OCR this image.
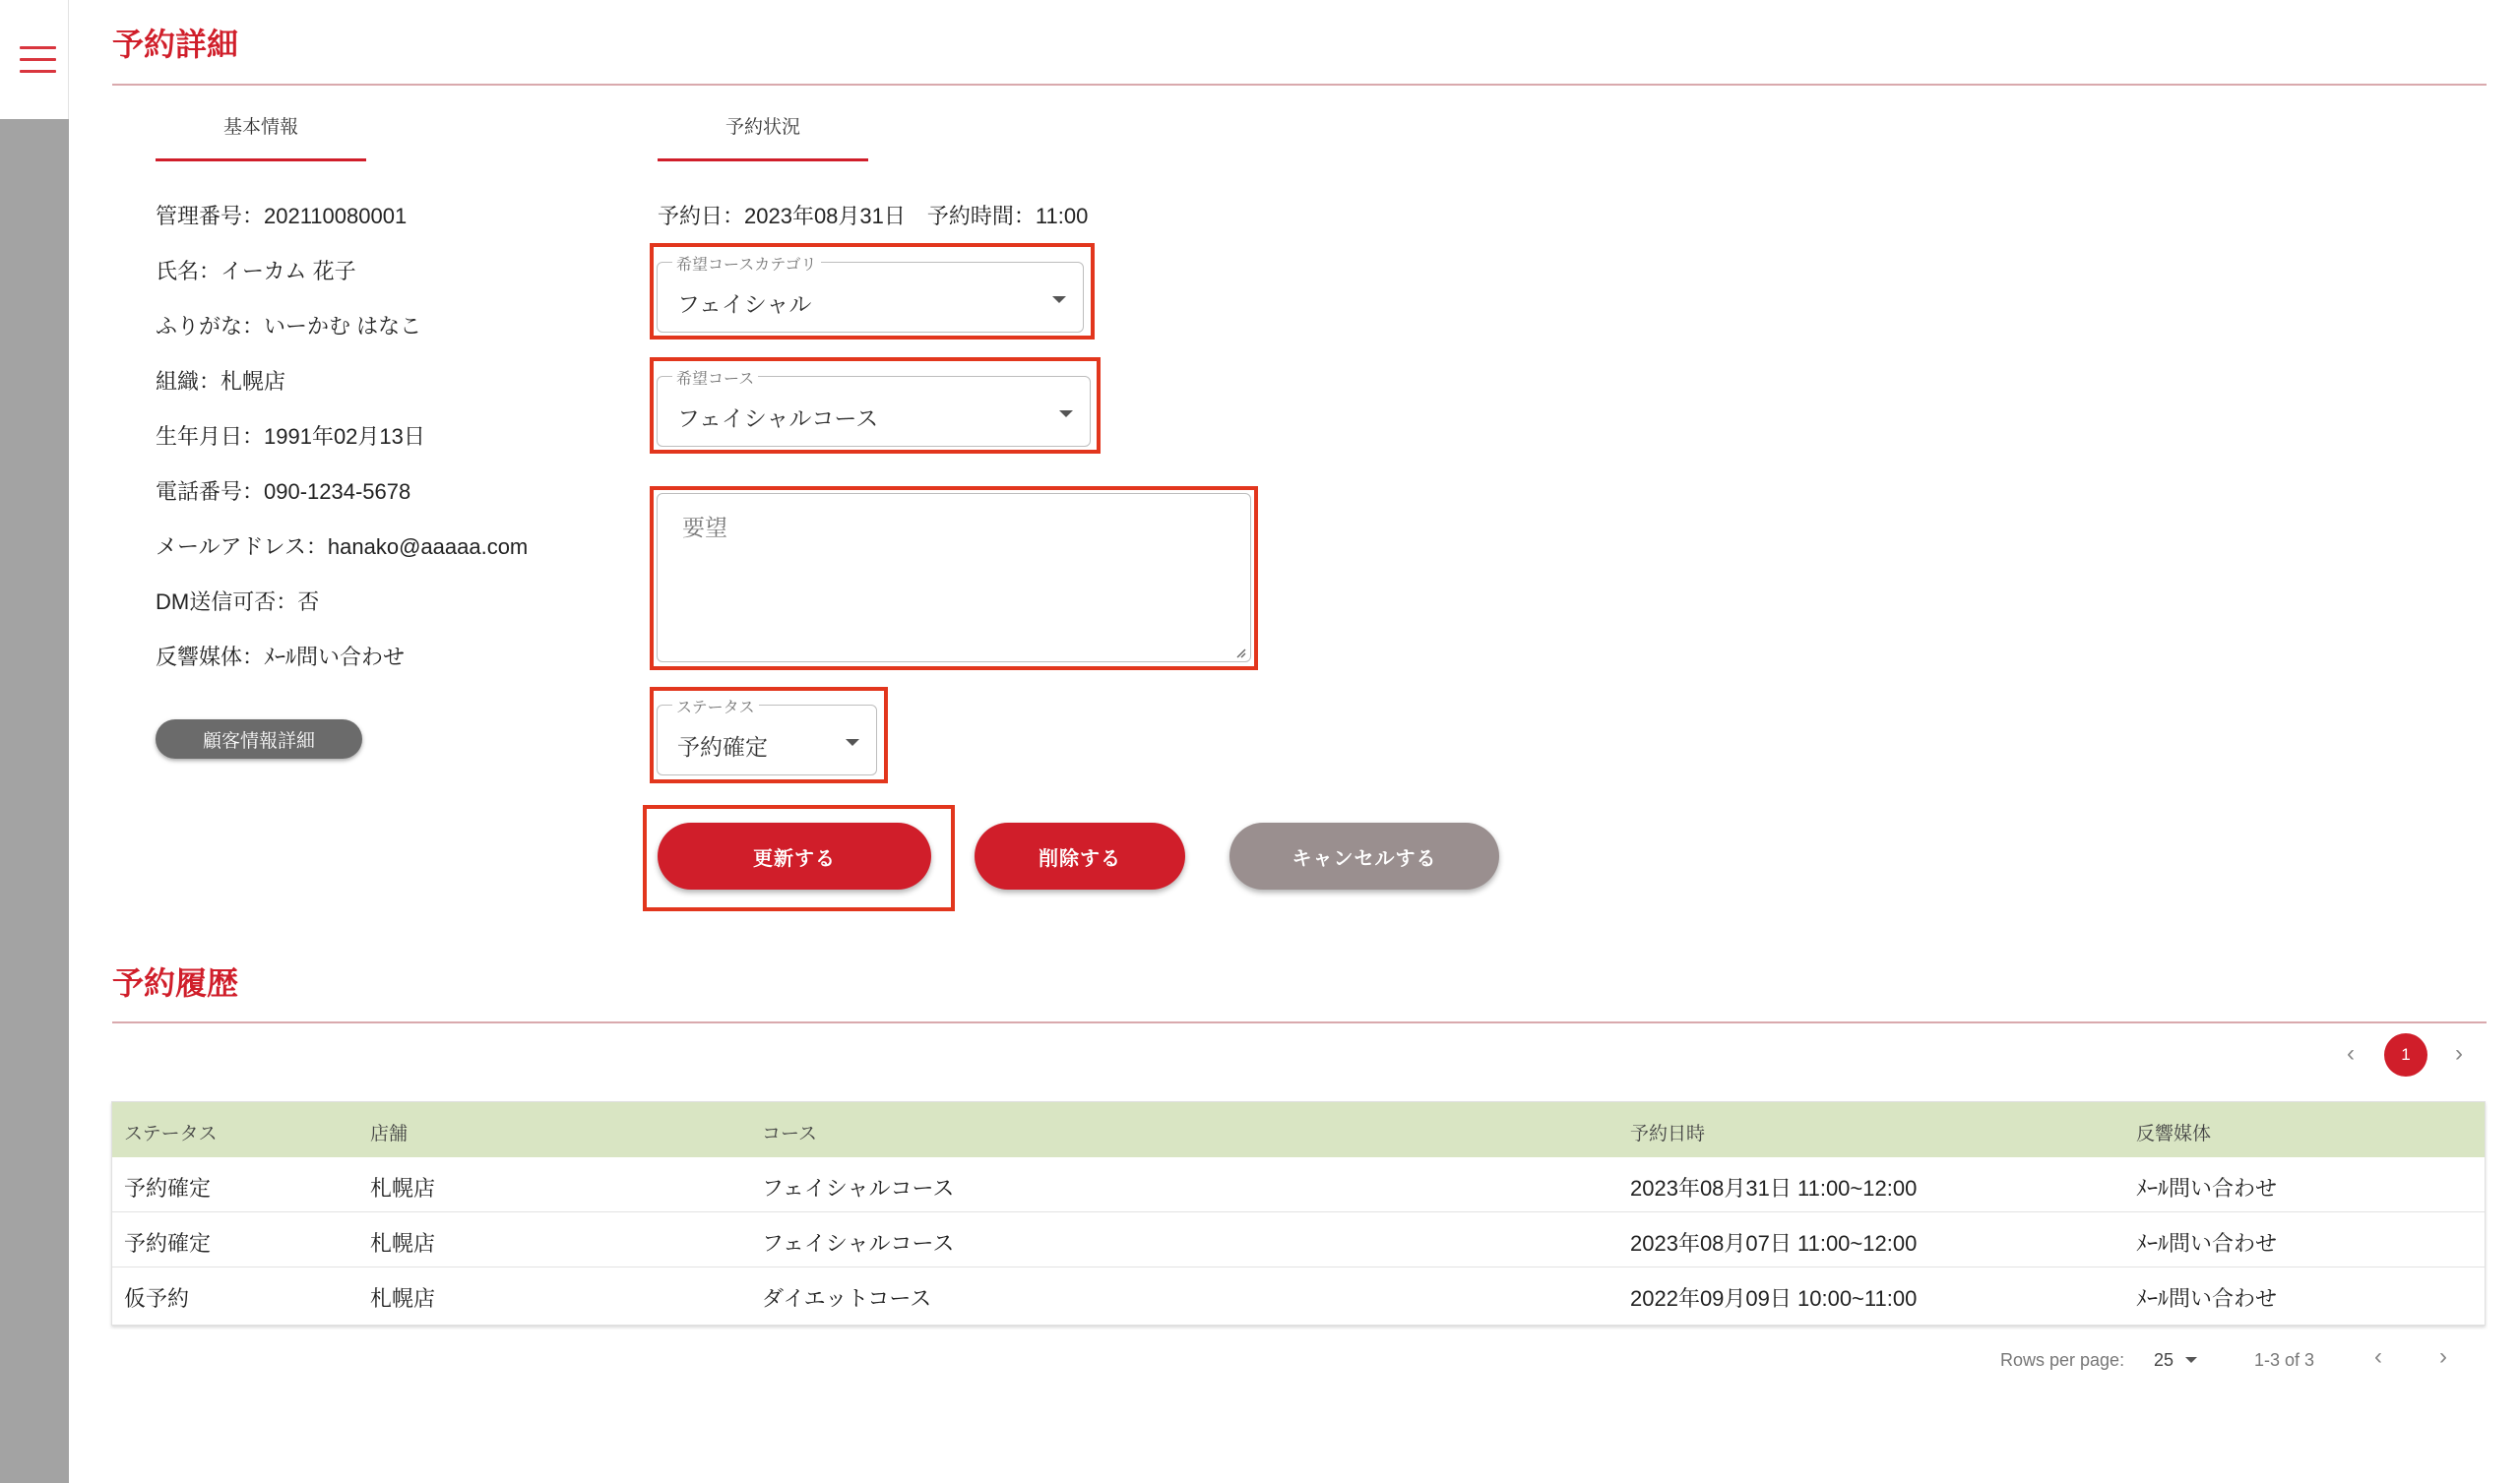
予約詳細
基本情報	予約状況
管理番号：202110080001
氏名：イーカム 花子
ふりがな：いーかむ はなこ
組織：札幌店
生年月日：1991年02月13日
電話番号：090-1234-5678
メールアドレス：hanako@aaaaa.com
DM送信可否：否
反響媒体：ﾒｰﾙ問い合わせ
顧客情報詳細
予約日：2023年08月31日　予約時間：11:00
希望コースカテゴリ
フェイシャル
希望コース
フェイシャルコース
要望
ステータス
予約確定
更新する	削除する	キャンセルする
予約履歴
‹	1	›
ステータス	店舗	コース	予約日時	反響媒体
予約確定	札幌店	フェイシャルコース	2023年08月31日 11:00~12:00	ﾒｰﾙ問い合わせ
予約確定	札幌店	フェイシャルコース	2023年08月07日 11:00~12:00	ﾒｰﾙ問い合わせ
仮予約	札幌店	ダイエットコース	2022年09月09日 10:00~11:00	ﾒｰﾙ問い合わせ
Rows per page: 25	1-3 of 3	‹ ›
